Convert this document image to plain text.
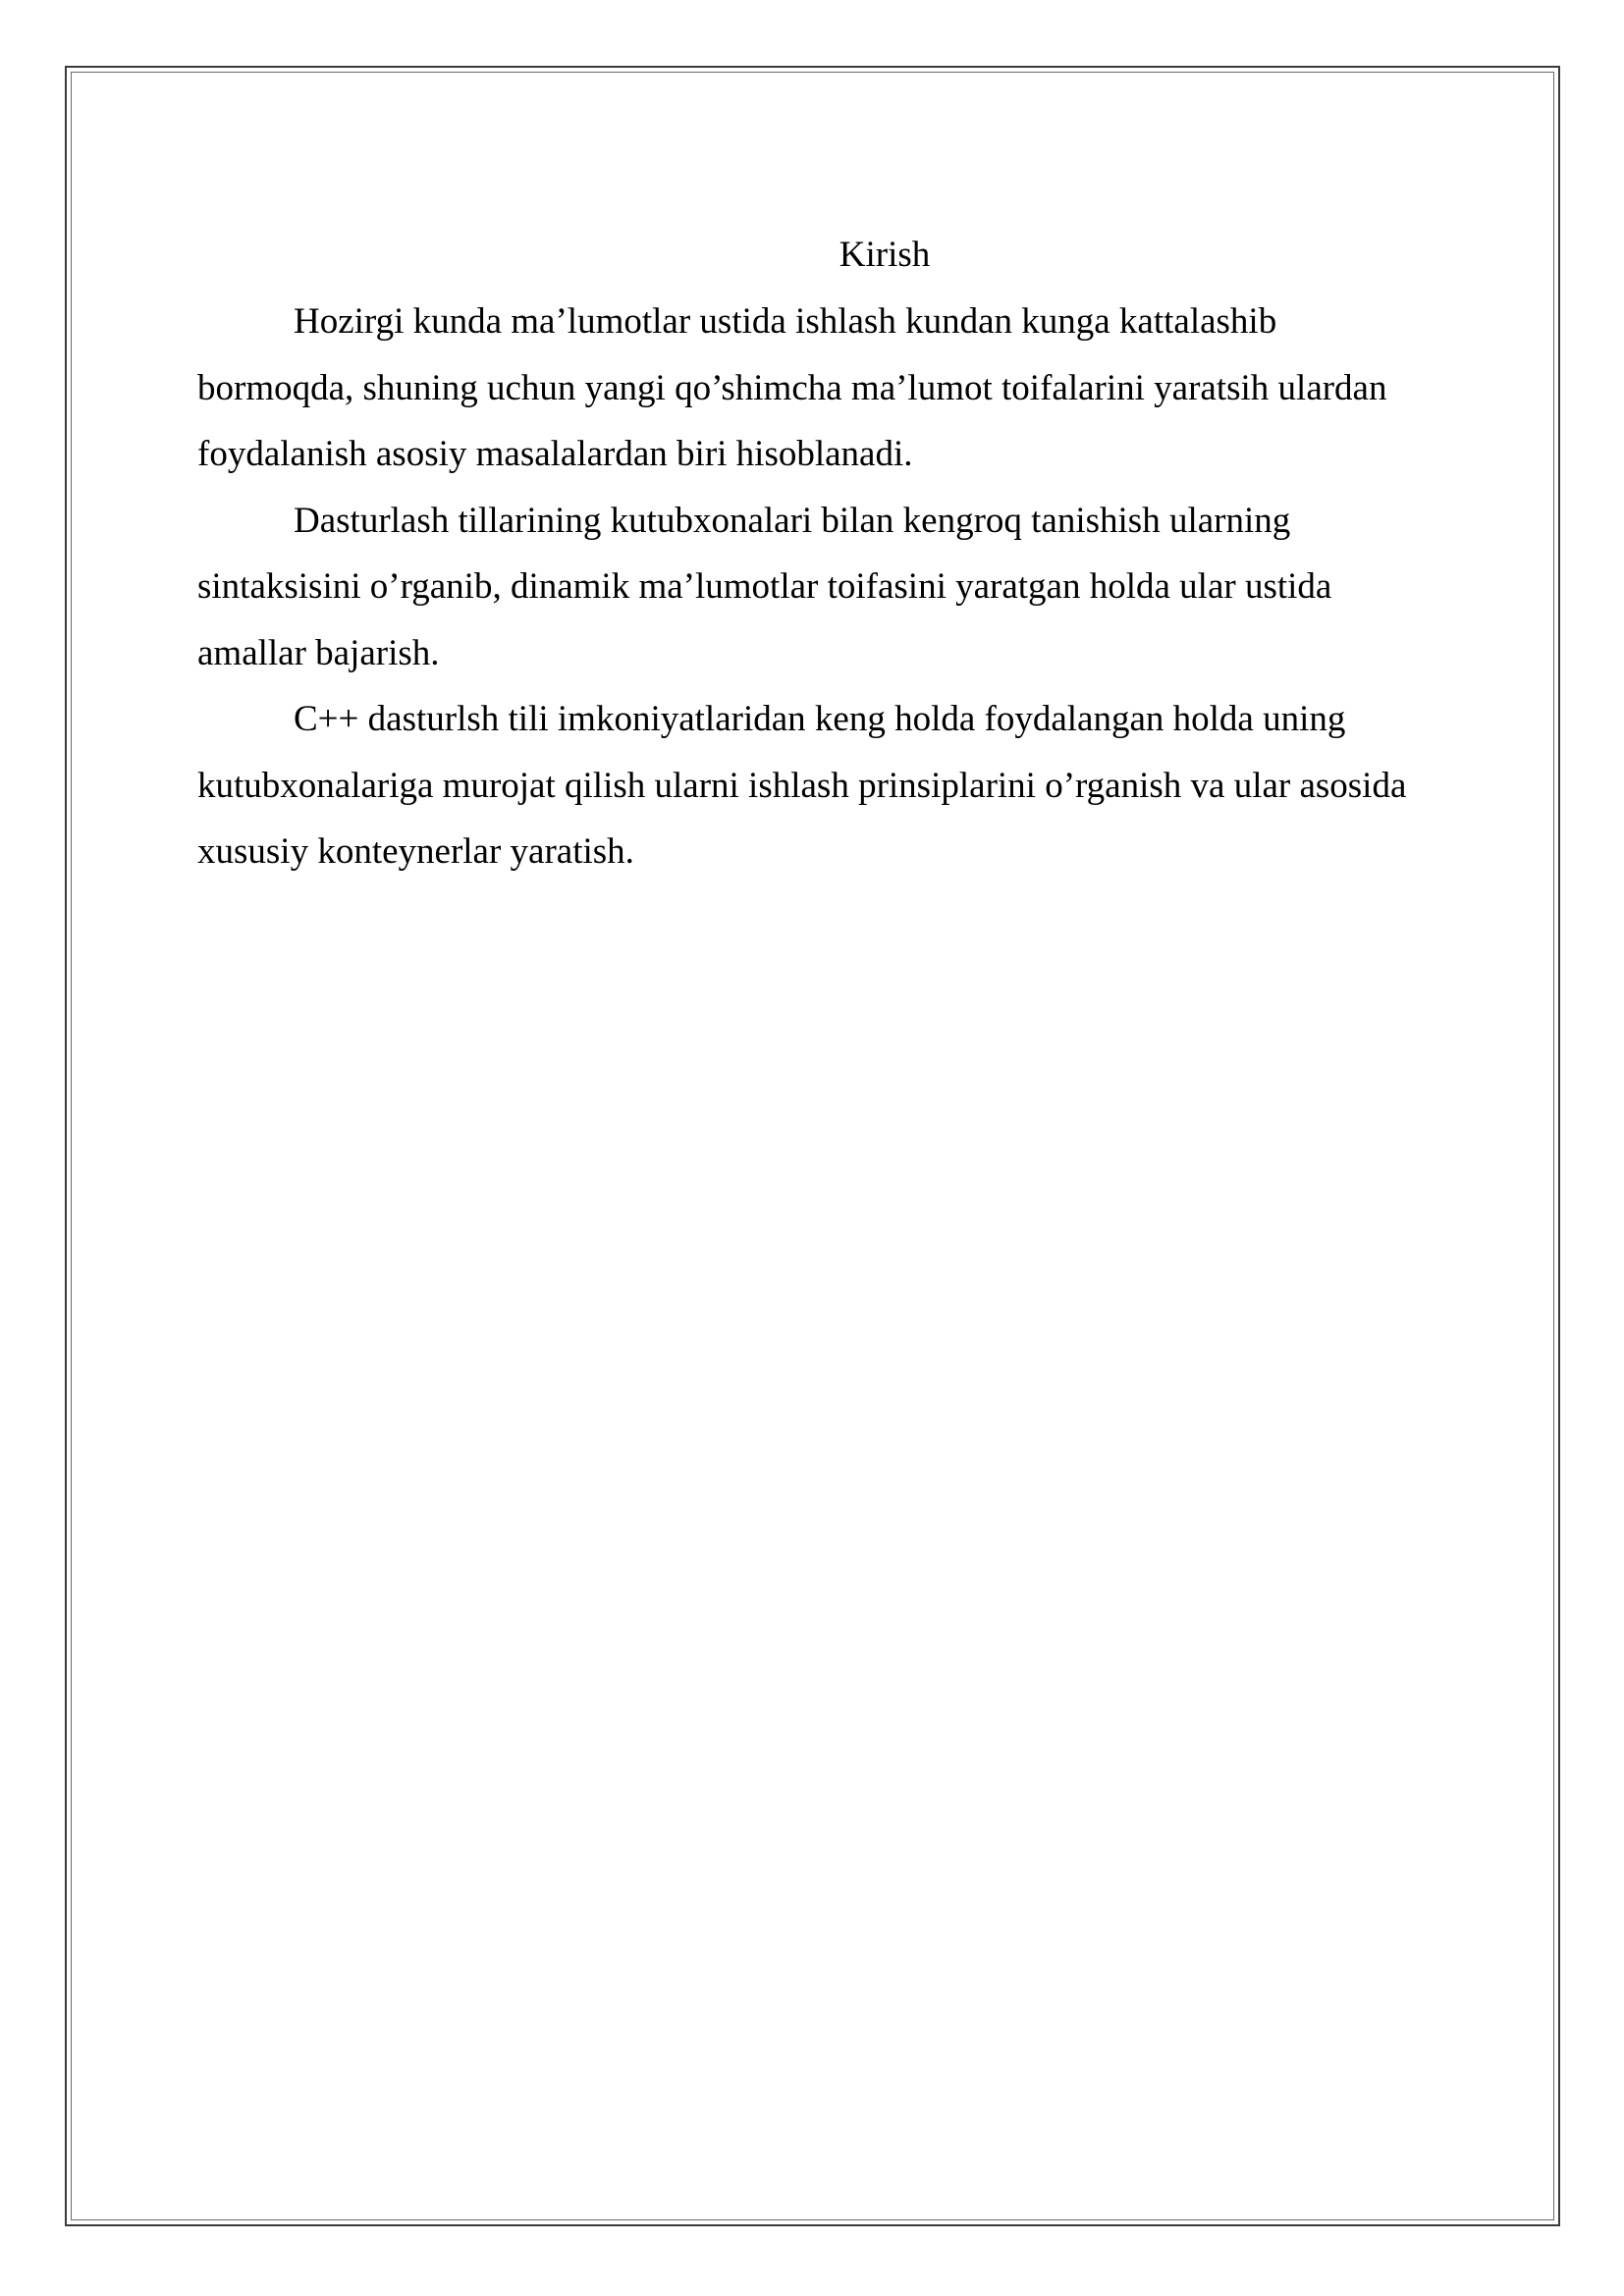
Kirish

Hozirgi kunda ma’lumotlar ustida ishlash kundan kunga kattalashib bormoqda, shuning uchun yangi qo’shimcha ma’lumot toifalarini yaratsih ulardan foydalanish asosiy masalalardan biri hisoblanadi.

Dasturlash tillarining kutubxonalari bilan kengroq tanishish ularning sintaksisini o’rganib, dinamik ma’lumotlar toifasini yaratgan holda ular ustida amallar bajarish.

C++ dasturlsh tili imkoniyatlaridan keng holda foydalangan holda uning kutubxonalariga murojat qilish ularni ishlash prinsiplarini o’rganish va ular asosida xususiy konteynerlar yaratish.
